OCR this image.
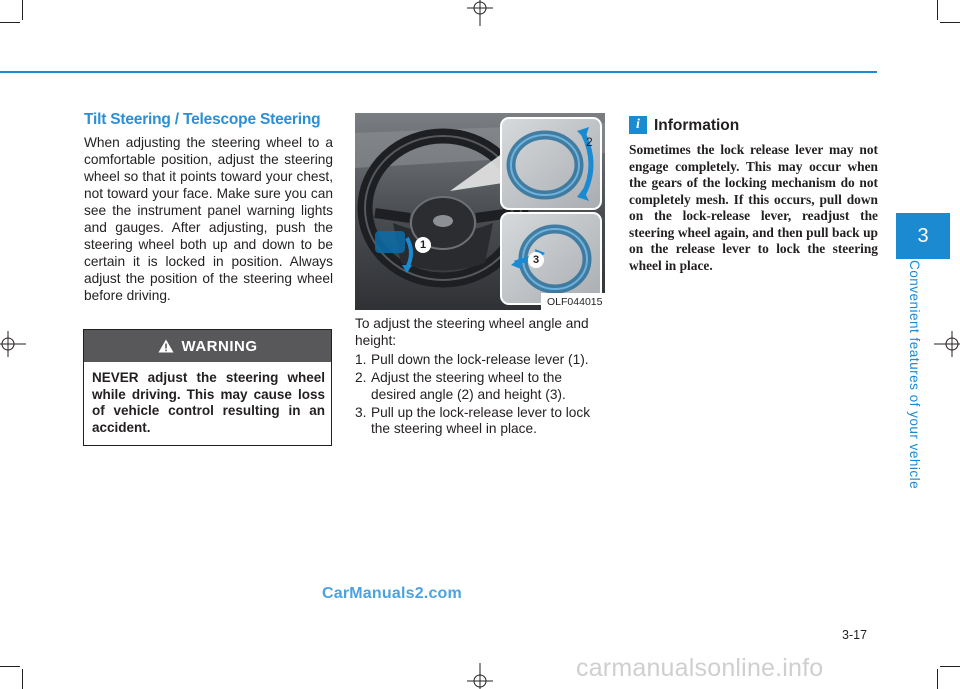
Tilt Steering / Telescope Steering
When adjusting the steering wheel to a comfortable position, adjust the steering wheel so that it points toward your chest, not toward your face. Make sure you can see the instrument panel warning lights and gauges. After adjusting, push the steering wheel both up and down to be certain it is locked in position. Always adjust the position of the steering wheel before driving.
WARNING
NEVER adjust the steering wheel while driving. This may cause loss of vehicle control resulting in an accident.
1
2
3
OLF044015
To adjust the steering wheel angle and height:
1. Pull down the lock-release lever (1).
2. Adjust the steering wheel to the desired angle (2) and height (3).
3. Pull up the lock-release lever to lock the steering wheel in place.
i Information
Sometimes the lock release lever may not engage completely. This may occur when the gears of the locking mechanism do not completely mesh. If this occurs, pull down on the lock-release lever, readjust the steering wheel again, and then pull back up on the release lever to lock the steering wheel in place.
3
Convenient features of your vehicle
3-17
CarManuals2.com
carmanualsonline.info
